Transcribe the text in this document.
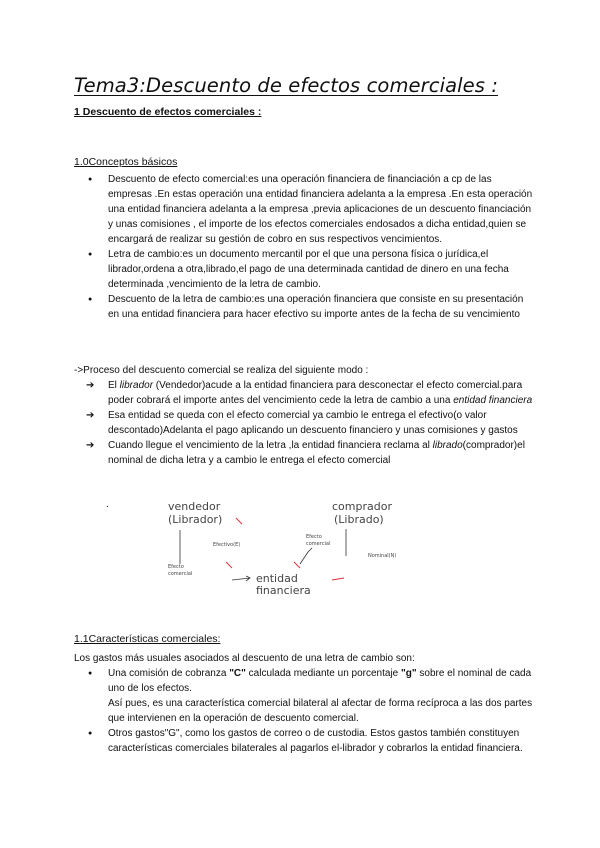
Tema3:Descuento de efectos comerciales :
1 Descuento de efectos comerciales :
1.0Conceptos básicos
● Descuento de efecto comercial:es una operación financiera de financiación a cp de las empresas .En estas operación una entidad financiera adelanta a la empresa .En esta operación una entidad financiera adelanta a la empresa ,previa aplicaciones de un descuento financiación y unas comisiones , el importe de los efectos comerciales endosados a dicha entidad,quien se encargará de realizar su gestión de cobro en sus respectivos vencimientos.
● Letra de cambio:es un documento mercantil por el que una persona física o jurídica,el librador,ordena a otra,librado,el pago de una determinada cantidad de dinero en una fecha determinada ,vencimiento de la letra de cambio.
● Descuento de la letra de cambio:es una operación financiera que consiste en su presentación en una entidad financiera para hacer efectivo su importe antes de la fecha de su vencimiento
->Proceso del descuento comercial se realiza del siguiente modo :
➔ El librador (Vendedor)acude a la entidad financiera para desconectar el efecto comercial.para poder cobrará el importe antes del vencimiento cede la letra de cambio a una entidad financiera
➔ Esa entidad se queda con el efecto comercial ya cambio le entrega el efectivo(o valor descontado)Adelanta el pago aplicando un descuento financiero y unas comisiones y gastos
➔ Cuando llegue el vencimiento de la letra ,la entidad financiera reclama al librado(comprador)el nominal de dicha letra y a cambio le entrega el efecto comercial
.	vendedor
(Librador)
comprador
(Librado)
entidad
financiera
Efectivo(E)
Efecto
comercial
Efecto
comercial
Nominal(N)
1.1Características comerciales:
Los gastos más usuales asociados al descuento de una letra de cambio son:
● Una comisión de cobranza "C" calculada mediante un porcentaje "g" sobre el nominal de cada uno de los efectos.
Así pues, es una característica comercial bilateral al afectar de forma recíproca a las dos partes que intervienen en la operación de descuento comercial.
● Otros gastos"G", como los gastos de correo o de custodia. Estos gastos también constituyen características comerciales bilaterales al pagarlos el-librador y cobrarlos la entidad financiera.
